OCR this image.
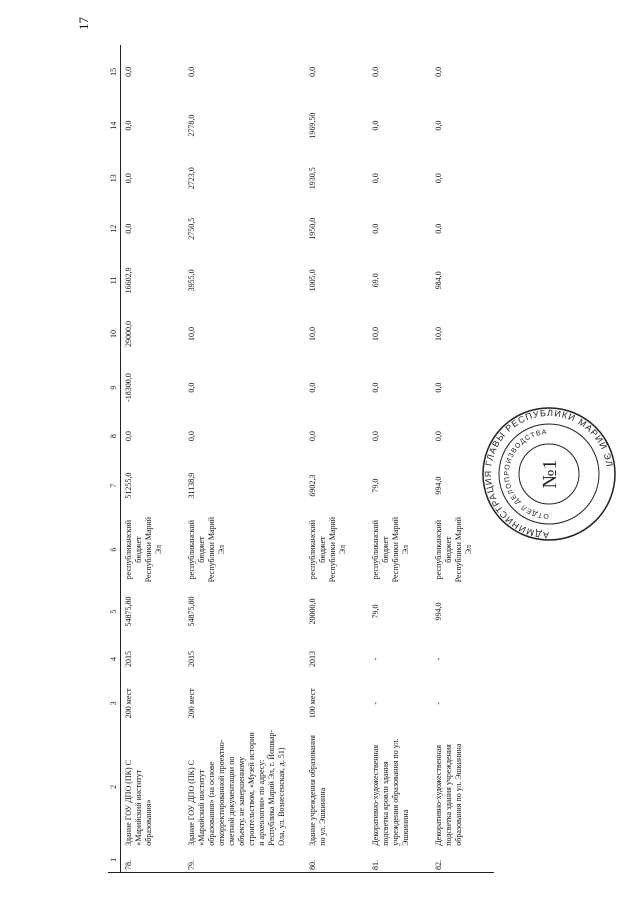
17
1	2	3	4	5	6	7	8	9	10	11	12	13	14	15
78.	Здание ГОУ ДПО (ПК) С «Марийский институт образования»	200 мест	2015	54875,80	республиканский бюджет Республики Марий Эл	51255,0	0,0	-18300,0	29000,0	16602,9	0,0	0,0	0,0	0,0
79.	Здание ГОУ ДПО (ПК) С «Марийский институт образования» (на основе откорректированной проектно-сметной документации по объекту, не завершенному строительством, «Музей истории и археологии» по адресу: Республика Марий Эл, г. Йошкар-Ола, ул. Вознесенская, д. 51)	200 мест	2015	54875,80	республиканский бюджет Республики Марий Эл	31138,9	0,0	0,0	10,0	3955,0	2750,5	2723,0	2778,0	0,0
80.	Здание учреждения образования по ул. Эшкинина	100 мест	2013	20000,0	республиканский бюджет Республики Марий Эл	6902,3	0,0	0,0	10,0	1005,0	1950,0	1930,5	1969,50	0,0
81.	Декоративно-художественная подсветка кровли здания учреждения образования по ул. Эшкинина	-	-	79,0	республиканский бюджет Республики Марий Эл	79,0	0,0	0,0	10,0	69,0	0,0	0,0	0,0	0,0
82.	Декоративно-художественная подсветка здания учреждения образования по ул. Эшкинина	-	-	994,0	республиканский бюджет Республики Марий Эл	994,0	0,0	0,0	10,0	984,0	0,0	0,0	0,0	0,0
АДМИНИСТРАЦИЯ ГЛАВЫ РЕСПУБЛИКИ МАРИЙ ЭЛ
ОТДЕЛ ДЕЛОПРОИЗВОДСТВА
№1
